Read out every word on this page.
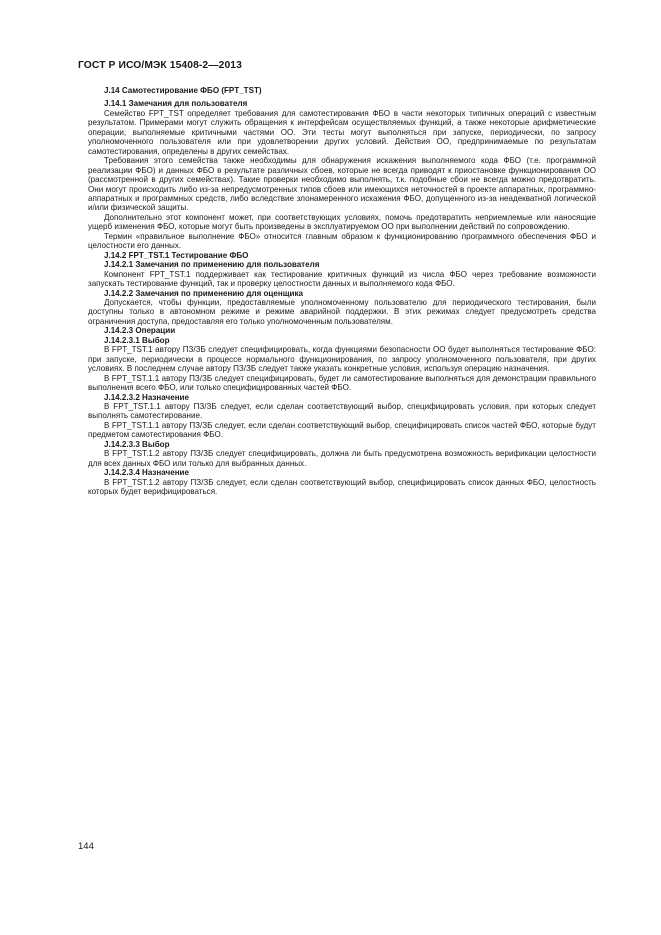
ГОСТ Р ИСО/МЭК 15408-2—2013

J.14 Самотестирование ФБО (FPT_TST)

J.14.1 Замечания для пользователя

Семейство FPT_TST определяет требования для самотестирования ФБО в части некоторых типичных операций с известным результатом. Примерами могут служить обращения к интерфейсам осуществляемых функций, а также некоторые арифметические операции, выполняемые критичными частями ОО. Эти тесты могут выполняться при запуске, периодически, по запросу уполномоченного пользователя или при удовлетворении других условий. Действия ОО, предпринимаемые по результатам самотестирования, определены в других семействах.

Требования этого семейства также необходимы для обнаружения искажения выполняемого кода ФБО (т.е. программной реализации ФБО) и данных ФБО в результате различных сбоев, которые не всегда приводят к приостановке функционирования ОО (рассмотренной в других семействах). Такие проверки необходимо выполнять, т.к. подобные сбои не всегда можно предотвратить. Они могут происходить либо из-за непредусмотренных типов сбоев или имеющихся неточностей в проекте аппаратных, программно-аппаратных и программных средств, либо вследствие злонамеренного искажения ФБО, допущенного из-за неадекватной логической и/или физической защиты.

Дополнительно этот компонент может, при соответствующих условиях, помочь предотвратить неприемлемые или наносящие ущерб изменения ФБО, которые могут быть произведены в эксплуатируемом ОО при выполнении действий по сопровождению.

Термин «правильное выполнение ФБО» относится главным образом к функционированию программного обеспечения ФБО и целостности его данных.

J.14.2 FPT_TST.1 Тестирование ФБО

J.14.2.1 Замечания по применению для пользователя

Компонент FPT_TST.1 поддерживает как тестирование критичных функций из числа ФБО через требование возможности запускать тестирование функций, так и проверку целостности данных и выполняемого кода ФБО.

J.14.2.2 Замечания по применению для оценщика

Допускается, чтобы функции, предоставляемые уполномоченному пользователю для периодического тестирования, были доступны только в автономном режиме и режиме аварийной поддержки. В этих режимах следует предусмотреть средства ограничения доступа, предоставляя его только уполномоченным пользователям.

J.14.2.3 Операции

J.14.2.3.1 Выбор

В FPT_TST.1 автору ПЗ/ЗБ следует специфицировать, когда функциями безопасности ОО будет выполняться тестирование ФБО: при запуске, периодически в процессе нормального функционирования, по запросу уполномоченного пользователя, при других условиях. В последнем случае автору ПЗ/ЗБ следует также указать конкретные условия, используя операцию назначения.

В FPT_TST.1.1 автору ПЗ/ЗБ следует специфицировать, будет ли самотестирование выполняться для демонстрации правильного выполнения всего ФБО, или только специфицированных частей ФБО.

J.14.2.3.2 Назначение

В FPT_TST.1.1 автору ПЗ/ЗБ следует, если сделан соответствующий выбор, специфицировать условия, при которых следует выполнять самотестирование.

В FPT_TST.1.1 автору ПЗ/ЗБ следует, если сделан соответствующий выбор, специфицировать список частей ФБО, которые будут предметом самотестирования ФБО.

J.14.2.3.3 Выбор

В FPT_TST.1.2 автору ПЗ/ЗБ следует специфицировать, должна ли быть предусмотрена возможность верификации целостности для всех данных ФБО или только для выбранных данных.

J.14.2.3.4 Назначение

В FPT_TST.1.2 автору ПЗ/ЗБ следует, если сделан соответствующий выбор, специфицировать список данных ФБО, целостность которых будет верифицироваться.

144
